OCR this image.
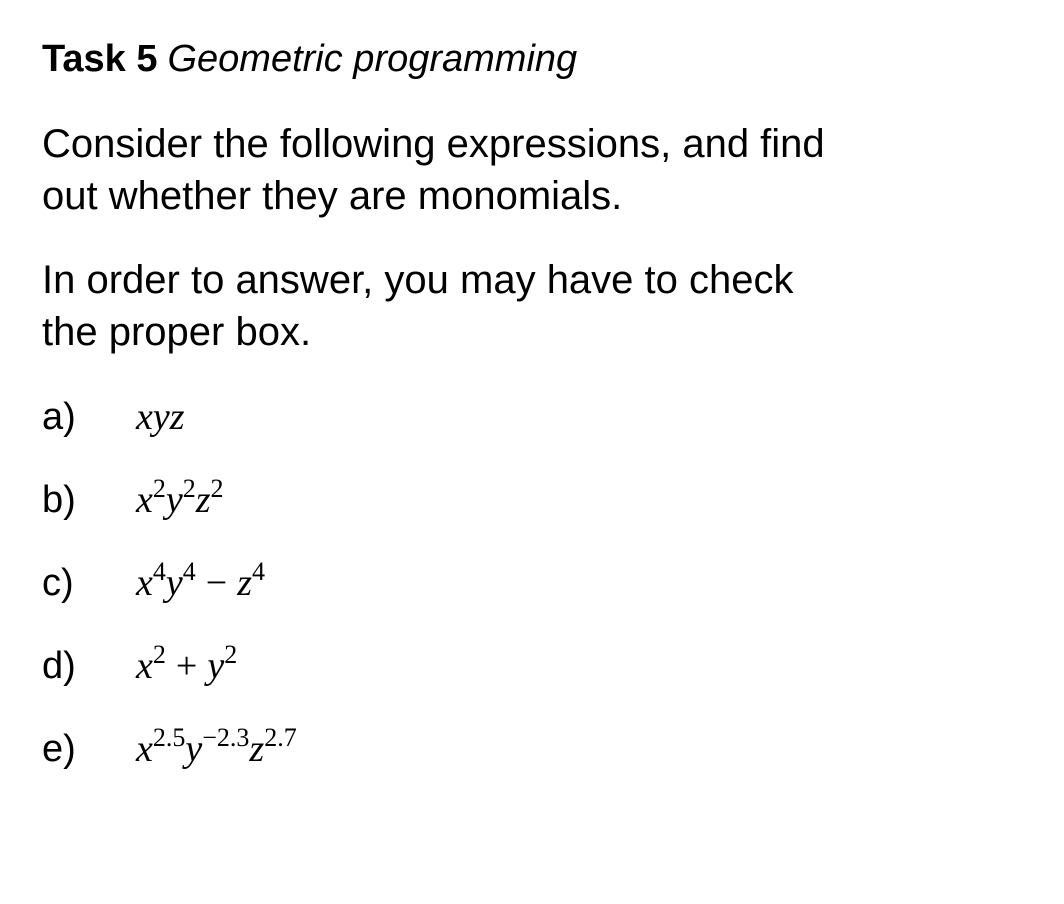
Task 5 Geometric programming
Consider the following expressions, and find
out whether they are monomials.
In order to answer, you may have to check
the proper box.
a) xyz
b) $x^2y^2z^2$
c) $x^4y^4 - z^4$
d) $x^2 + y^2$
e) $x^{2.5}y^{-2.3}z^{2.7}$
